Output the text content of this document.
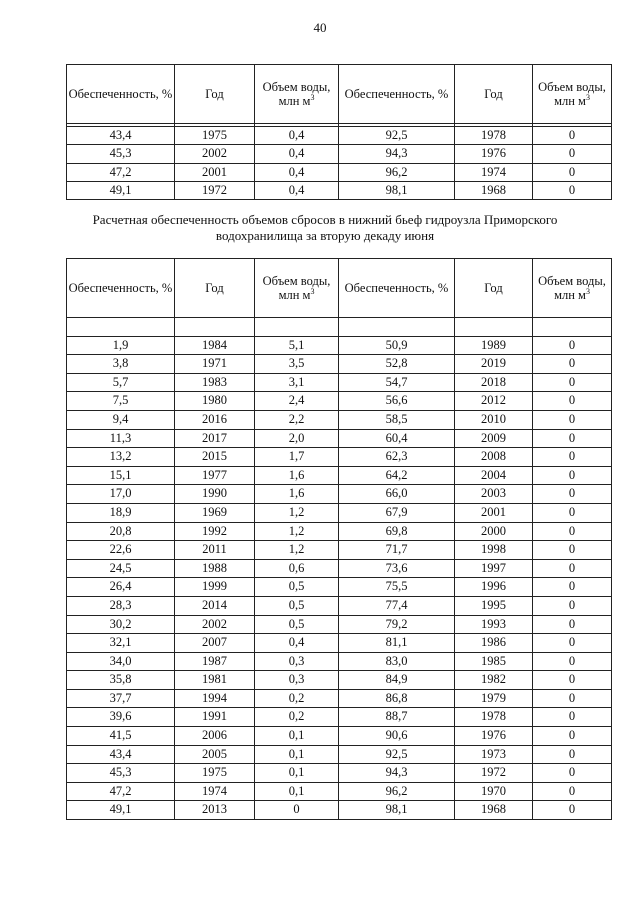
40
Обеспеченность, %	Год	Объем воды, млн $м^3$	Обеспеченность, %	Год	Объем воды, млн $м^3$

43,4	1975	0,4	92,5	1978	0
45,3	2002	0,4	94,3	1976	0
47,2	2001	0,4	96,2	1974	0
49,1	1972	0,4	98,1	1968	0
Расчетная обеспеченность объемов сбросов в нижний бьеф гидроузла Приморского водохранилища за вторую декаду июня
Обеспеченность, %	Год	Объем воды, млн $м^3$	Обеспеченность, %	Год	Объем воды, млн $м^3$

1,9	1984	5,1	50,9	1989	0
3,8	1971	3,5	52,8	2019	0
5,7	1983	3,1	54,7	2018	0
7,5	1980	2,4	56,6	2012	0
9,4	2016	2,2	58,5	2010	0
11,3	2017	2,0	60,4	2009	0
13,2	2015	1,7	62,3	2008	0
15,1	1977	1,6	64,2	2004	0
17,0	1990	1,6	66,0	2003	0
18,9	1969	1,2	67,9	2001	0
20,8	1992	1,2	69,8	2000	0
22,6	2011	1,2	71,7	1998	0
24,5	1988	0,6	73,6	1997	0
26,4	1999	0,5	75,5	1996	0
28,3	2014	0,5	77,4	1995	0
30,2	2002	0,5	79,2	1993	0
32,1	2007	0,4	81,1	1986	0
34,0	1987	0,3	83,0	1985	0
35,8	1981	0,3	84,9	1982	0
37,7	1994	0,2	86,8	1979	0
39,6	1991	0,2	88,7	1978	0
41,5	2006	0,1	90,6	1976	0
43,4	2005	0,1	92,5	1973	0
45,3	1975	0,1	94,3	1972	0
47,2	1974	0,1	96,2	1970	0
49,1	2013	0	98,1	1968	0
